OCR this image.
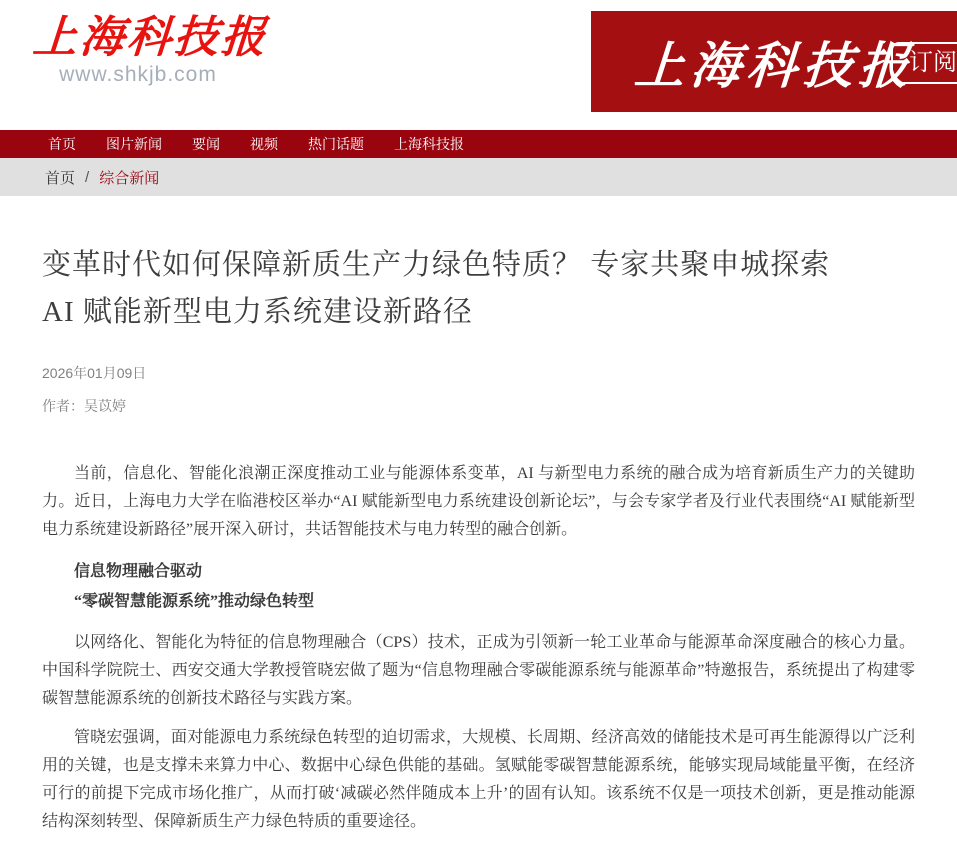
上海科技报
www.shkjb.com	上海科技报
订阅
首页 图片新闻 要闻 视频 热门话题 上海科技报
首页 / 综合新闻
变革时代如何保障新质生产力绿色特质？ 专家共聚申城探索
AI 赋能新型电力系统建设新路径
2026年01月09日
作者：吴苡婷

当前，信息化、智能化浪潮正深度推动工业与能源体系变革，AI 与新型电力系统的融合成为培育新质生产力的关键助力。近日，上海电力大学在临港校区举办“AI 赋能新型电力系统建设创新论坛”，与会专家学者及行业代表围绕“AI 赋能新型电力系统建设新路径”展开深入研讨，共话智能技术与电力转型的融合创新。

信息物理融合驱动
“零碳智慧能源系统”推动绿色转型

以网络化、智能化为特征的信息物理融合（CPS）技术，正成为引领新一轮工业革命与能源革命深度融合的核心力量。中国科学院院士、西安交通大学教授管晓宏做了题为“信息物理融合零碳能源系统与能源革命”特邀报告，系统提出了构建零碳智慧能源系统的创新技术路径与实践方案。

管晓宏强调，面对能源电力系统绿色转型的迫切需求，大规模、长周期、经济高效的储能技术是可再生能源得以广泛利用的关键，也是支撑未来算力中心、数据中心绿色供能的基础。氢赋能零碳智慧能源系统，能够实现局域能量平衡，在经济可行的前提下完成市场化推广，从而打破‘减碳必然伴随成本上升’的固有认知。该系统不仅是一项技术创新，更是推动能源结构深刻转型、保障新质生产力绿色特质的重要途径。
